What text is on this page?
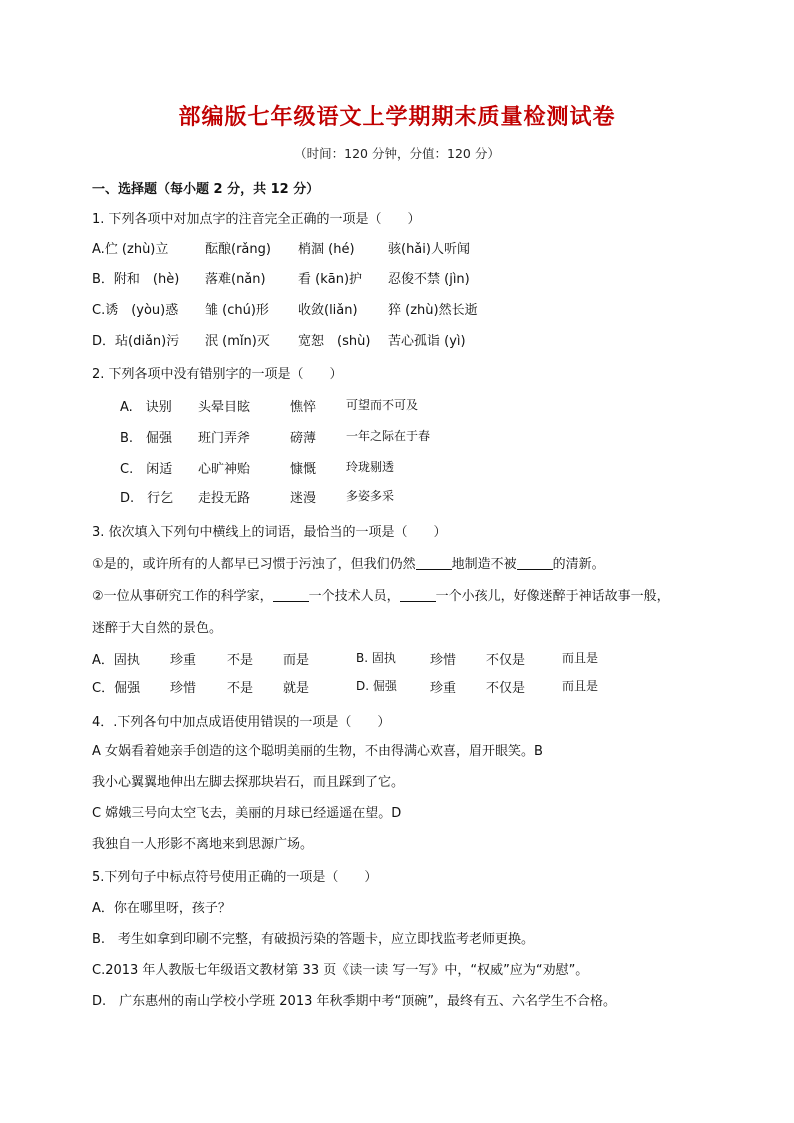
部编版七年级语文上学期期末质量检测试卷
（时间：120 分钟，分值：120 分）
一、选择题（每小题 2 分，共 12 分）
1. 下列各项中对加点字的注音完全正确的一项是（　　）
A.伫 (zhù)立	酝酿(rǎng) 梢涸 (hé)	骇(hǎi)人听闻
B．附和　(hè) 落难(nǎn) 看 (kān)护 忍俊不禁 (jìn)
C.诱　(yòu)惑 雏 (chú)形 收敛(liǎn) 猝 (zhù)然长逝
D．玷(diǎn)污 泯 (mǐn)灭 宽恕　(shù) 苦心孤诣 (yì)
2. 下列各项中没有错别字的一项是（　　）
A.　诀别 头晕目眩	憔悴 可望而不可及
B.　倔强 班门弄斧	磅薄 一年之际在于春
C.　闲适 心旷神贻	慷慨 玲珑剔透
D.　行乞 走投无路	迷漫 多姿多采
3. 依次填入下列句中横线上的词语，最恰当的一项是（　　）
①是的，或许所有的人都早已习惯于污浊了，但我们仍然	地制造不被	的清新。
②一位从事研究工作的科学家，	一个技术人员，	一个小孩儿，好像迷醉于神话故事一般，
迷醉于大自然的景色。
A．固执 珍重 不是 而是	B. 固执	珍惜 不仅是	而且是
C．倔强 珍惜 不是 就是	D. 倔强	珍重 不仅是	而且是
4．.下列各句中加点成语使用错误的一项是（　　）
A 女娲看着她亲手创造的这个聪明美丽的生物，不由得满心欢喜，眉开眼笑。B
我小心翼翼地伸出左脚去探那块岩石，而且踩到了它。
C 嫦娥三号向太空飞去，美丽的月球已经遥遥在望。D
我独自一人形影不离地来到思源广场。
5.下列句子中标点符号使用正确的一项是（　　）
A．你在哪里呀，孩子？
B.　考生如拿到印刷不完整，有破损污染的答题卡，应立即找监考老师更换。
C.2013 年人教版七年级语文教材第 33 页《读一读 写一写》中，“权威”应为“劝慰”。
D.　广东惠州的南山学校小学班 2013 年秋季期中考“顶碗”，最终有五、六名学生不合格。
